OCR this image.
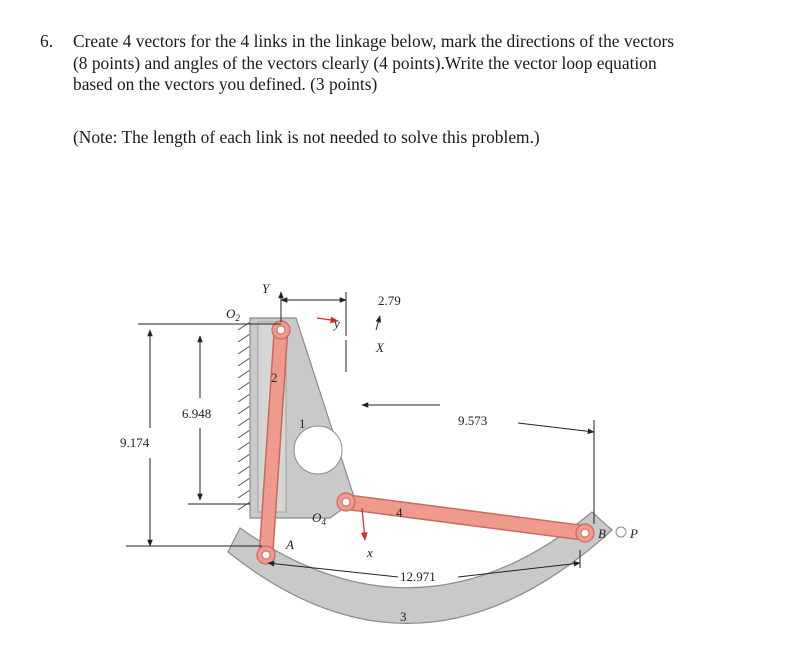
6. Create 4 vectors for the 4 links in the linkage below, mark the directions of the vectors
(8 points) and angles of the vectors clearly (4 points).Write the vector loop equation
based on the vectors you defined. (3 points)
(Note: The length of each link is not needed to solve this problem.)
2.79
6.948
9.174
9.573
12.971
Y
X
y
x
$O_2$
$O_4$
A
B P
1
2
3
4
